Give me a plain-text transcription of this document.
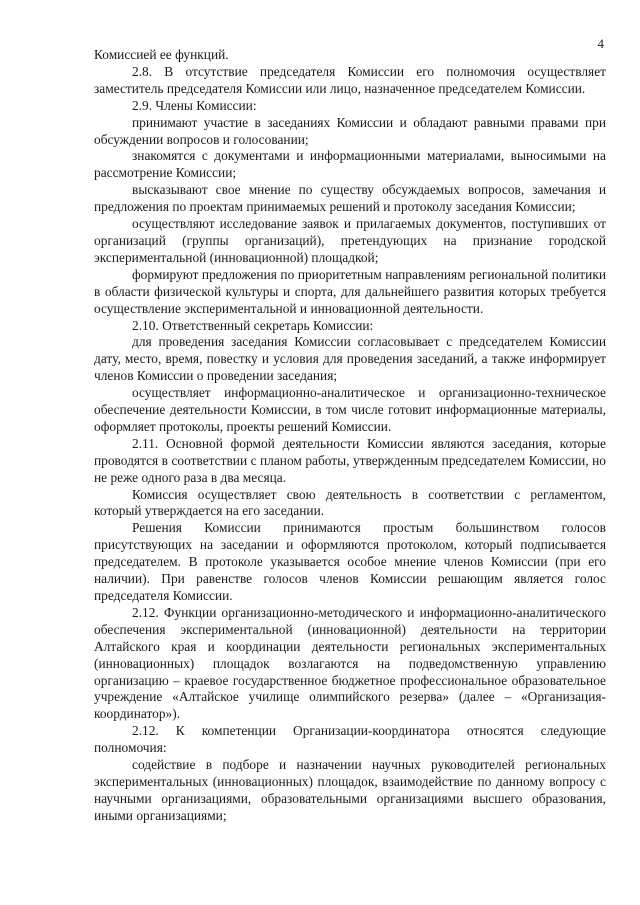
4

Комиссией ее функций.

2.8. В отсутствие председателя Комиссии его полномочия осуществляет заместитель председателя Комиссии или лицо, назначенное председателем Комиссии.

2.9. Члены Комиссии:

принимают участие в заседаниях Комиссии и обладают равными правами при обсуждении вопросов и голосовании;

знакомятся с документами и информационными материалами, выносимыми на рассмотрение Комиссии;

высказывают свое мнение по существу обсуждаемых вопросов, замечания и предложения по проектам принимаемых решений и протоколу заседания Комиссии;

осуществляют исследование заявок и прилагаемых документов, поступивших от организаций (группы организаций), претендующих на признание городской экспериментальной (инновационной) площадкой;

формируют предложения по приоритетным направлениям региональной политики в области физической культуры и спорта, для дальнейшего развития которых требуется осуществление экспериментальной и инновационной деятельности.

2.10. Ответственный секретарь Комиссии:

для проведения заседания Комиссии согласовывает с председателем Комиссии дату, место, время, повестку и условия для проведения заседаний, а также информирует членов Комиссии о проведении заседания;

осуществляет информационно-аналитическое и организационно-техническое обеспечение деятельности Комиссии, в том числе готовит информационные материалы, оформляет протоколы, проекты решений Комиссии.

2.11. Основной формой деятельности Комиссии являются заседания, которые проводятся в соответствии с планом работы, утвержденным председателем Комиссии, но не реже одного раза в два месяца.

Комиссия осуществляет свою деятельность в соответствии с регламентом, который утверждается на его заседании.

Решения Комиссии принимаются простым большинством голосов присутствующих на заседании и оформляются протоколом, который подписывается председателем. В протоколе указывается особое мнение членов Комиссии (при его наличии). При равенстве голосов членов Комиссии решающим является голос председателя Комиссии.

2.12. Функции организационно-методического и информационно-аналитического обеспечения экспериментальной (инновационной) деятельности на территории Алтайского края и координации деятельности региональных экспериментальных (инновационных) площадок возлагаются на подведомственную управлению организацию – краевое государственное бюджетное профессиональное образовательное учреждение «Алтайское училище олимпийского резерва» (далее – «Организация-координатор»).

2.12. К компетенции Организации-координатора относятся следующие полномочия:

содействие в подборе и назначении научных руководителей региональных экспериментальных (инновационных) площадок, взаимодействие по данному вопросу с научными организациями, образовательными организациями высшего образования, иными организациями;
